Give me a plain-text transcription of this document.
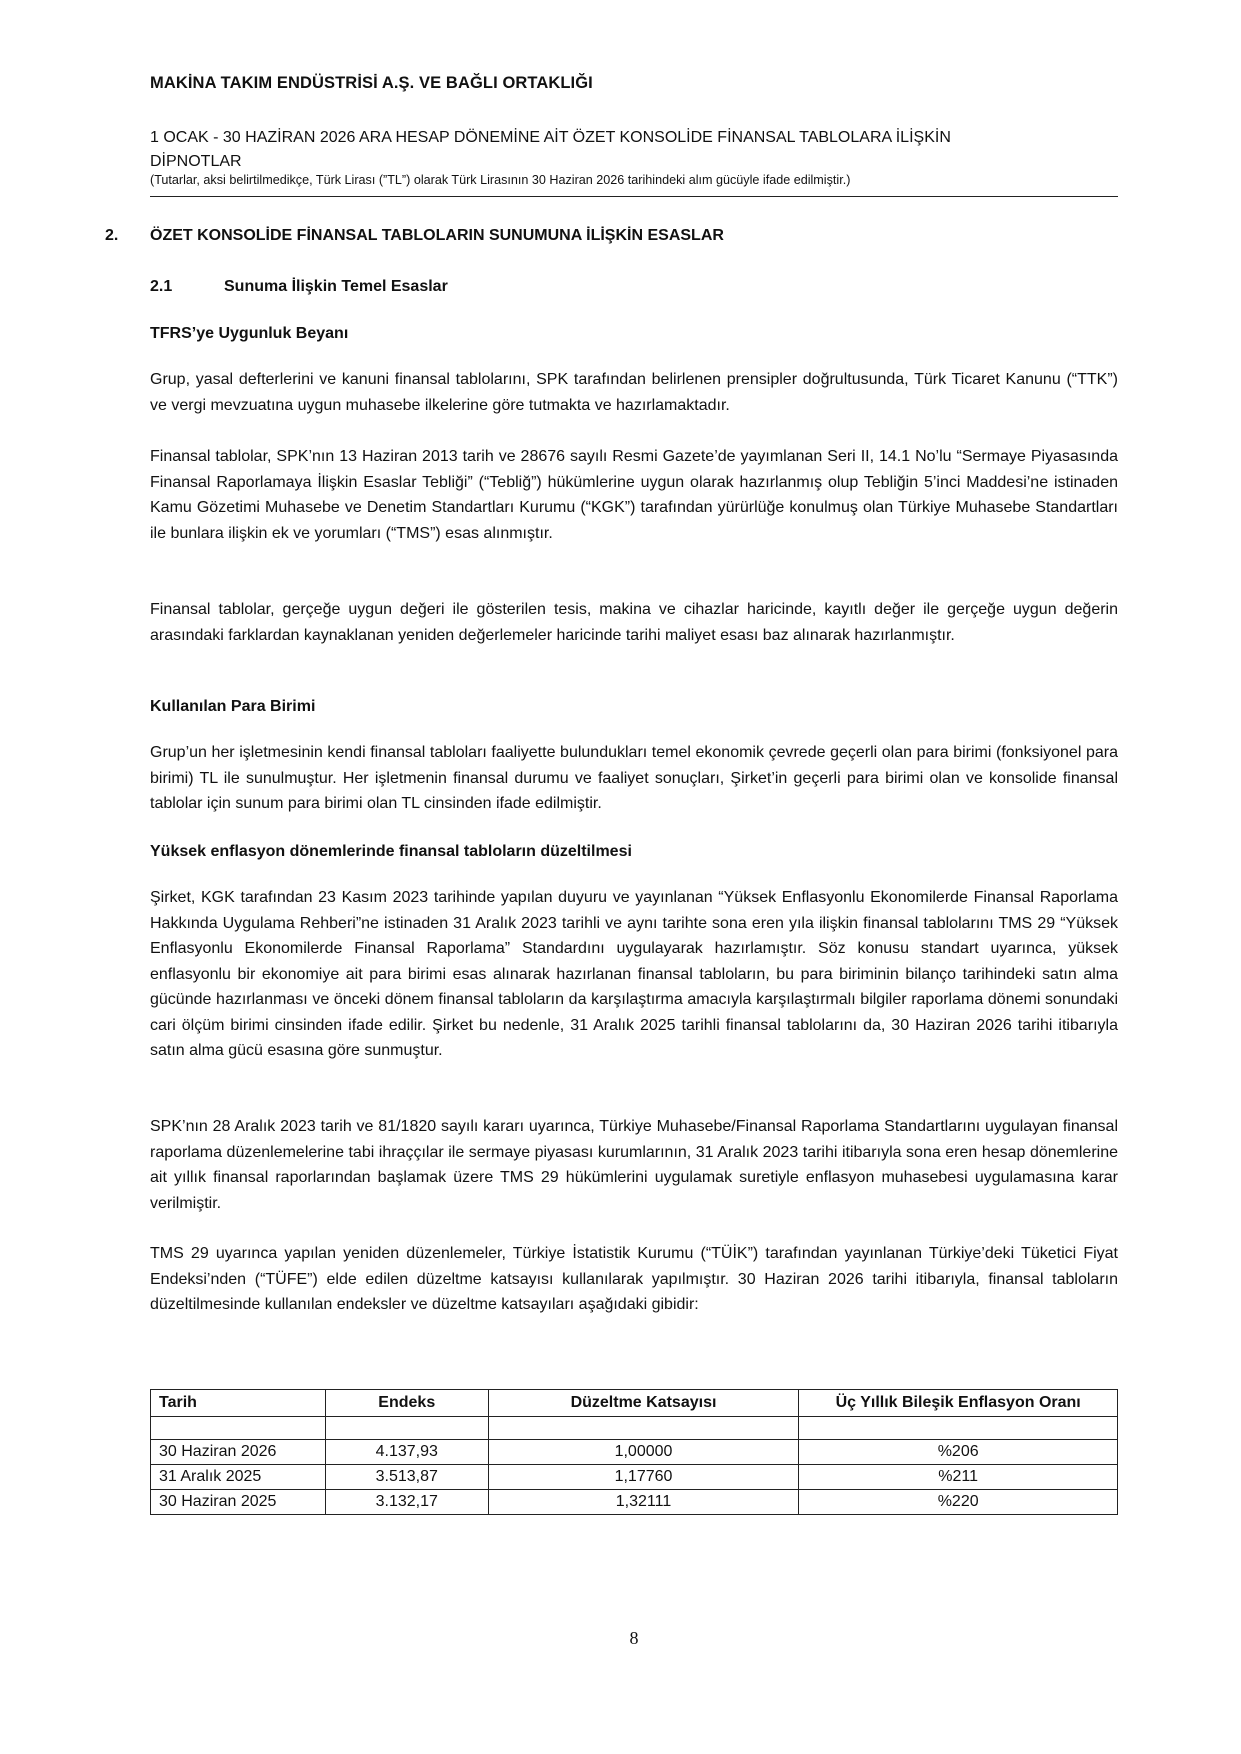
MAKİNA TAKIM ENDÜSTRİSİ A.Ş. VE BAĞLI ORTAKLIĞI
1 OCAK - 30 HAZİRAN 2026 ARA HESAP DÖNEMİNE AİT ÖZET KONSOLİDE FİNANSAL TABLOLARA İLİŞKİN
DİPNOTLAR
(Tutarlar, aksi belirtilmedikçe, Türk Lirası (”TL”) olarak Türk Lirasının 30 Haziran 2026 tarihindeki alım gücüyle ifade edilmiştir.)
2. ÖZET KONSOLİDE FİNANSAL TABLOLARIN SUNUMUNA İLİŞKİN ESASLAR
2.1	Sunuma İlişkin Temel Esaslar
TFRS’ye Uygunluk Beyanı

Grup, yasal defterlerini ve kanuni finansal tablolarını, SPK tarafından belirlenen prensipler doğrultusunda, Türk Ticaret Kanunu (“TTK”) ve vergi mevzuatına uygun muhasebe ilkelerine göre tutmakta ve hazırlamaktadır.

Finansal tablolar, SPK’nın 13 Haziran 2013 tarih ve 28676 sayılı Resmi Gazete’de yayımlanan Seri II, 14.1 No’lu “Sermaye Piyasasında Finansal Raporlamaya İlişkin Esaslar Tebliği” (“Tebliğ”) hükümlerine uygun olarak hazırlanmış olup Tebliğin 5’inci Maddesi’ne istinaden Kamu Gözetimi Muhasebe ve Denetim Standartları Kurumu (“KGK”) tarafından yürürlüğe konulmuş olan Türkiye Muhasebe Standartları ile bunlara ilişkin ek ve yorumları (“TMS”) esas alınmıştır.

Finansal tablolar, gerçeğe uygun değeri ile gösterilen tesis, makina ve cihazlar haricinde, kayıtlı değer ile gerçeğe uygun değerin arasındaki farklardan kaynaklanan yeniden değerlemeler haricinde tarihi maliyet esası baz alınarak hazırlanmıştır.

Kullanılan Para Birimi

Grup’un her işletmesinin kendi finansal tabloları faaliyette bulundukları temel ekonomik çevrede geçerli olan para birimi (fonksiyonel para birimi) TL ile sunulmuştur. Her işletmenin finansal durumu ve faaliyet sonuçları, Şirket’in geçerli para birimi olan ve konsolide finansal tablolar için sunum para birimi olan TL cinsinden ifade edilmiştir.

Yüksek enflasyon dönemlerinde finansal tabloların düzeltilmesi

Şirket, KGK tarafından 23 Kasım 2023 tarihinde yapılan duyuru ve yayınlanan “Yüksek Enflasyonlu Ekonomilerde Finansal Raporlama Hakkında Uygulama Rehberi”ne istinaden 31 Aralık 2023 tarihli ve aynı tarihte sona eren yıla ilişkin finansal tablolarını TMS 29 “Yüksek Enflasyonlu Ekonomilerde Finansal Raporlama” Standardını uygulayarak hazırlamıştır. Söz konusu standart uyarınca, yüksek enflasyonlu bir ekonomiye ait para birimi esas alınarak hazırlanan finansal tabloların, bu para biriminin bilanço tarihindeki satın alma gücünde hazırlanması ve önceki dönem finansal tabloların da karşılaştırma amacıyla karşılaştırmalı bilgiler raporlama dönemi sonundaki cari ölçüm birimi cinsinden ifade edilir. Şirket bu nedenle, 31 Aralık 2025 tarihli finansal tablolarını da, 30 Haziran 2026 tarihi itibarıyla satın alma gücü esasına göre sunmuştur.

SPK’nın 28 Aralık 2023 tarih ve 81/1820 sayılı kararı uyarınca, Türkiye Muhasebe/Finansal Raporlama Standartlarını uygulayan finansal raporlama düzenlemelerine tabi ihraççılar ile sermaye piyasası kurumlarının, 31 Aralık 2023 tarihi itibarıyla sona eren hesap dönemlerine ait yıllık finansal raporlarından başlamak üzere TMS 29 hükümlerini uygulamak suretiyle enflasyon muhasebesi uygulamasına karar verilmiştir.

TMS 29 uyarınca yapılan yeniden düzenlemeler, Türkiye İstatistik Kurumu (“TÜİK”) tarafından yayınlanan Türkiye’deki Tüketici Fiyat Endeksi’nden (“TÜFE”) elde edilen düzeltme katsayısı kullanılarak yapılmıştır. 30 Haziran 2026 tarihi itibarıyla, finansal tabloların düzeltilmesinde kullanılan endeksler ve düzeltme katsayıları aşağıdaki gibidir:

Tarih	Endeks	Düzeltme Katsayısı	Üç Yıllık Bileşik Enflasyon Oranı

30 Haziran 2026	4.137,93	1,00000	%206
31 Aralık 2025	3.513,87	1,17760	%211
30 Haziran 2025	3.132,17	1,32111	%220
8
